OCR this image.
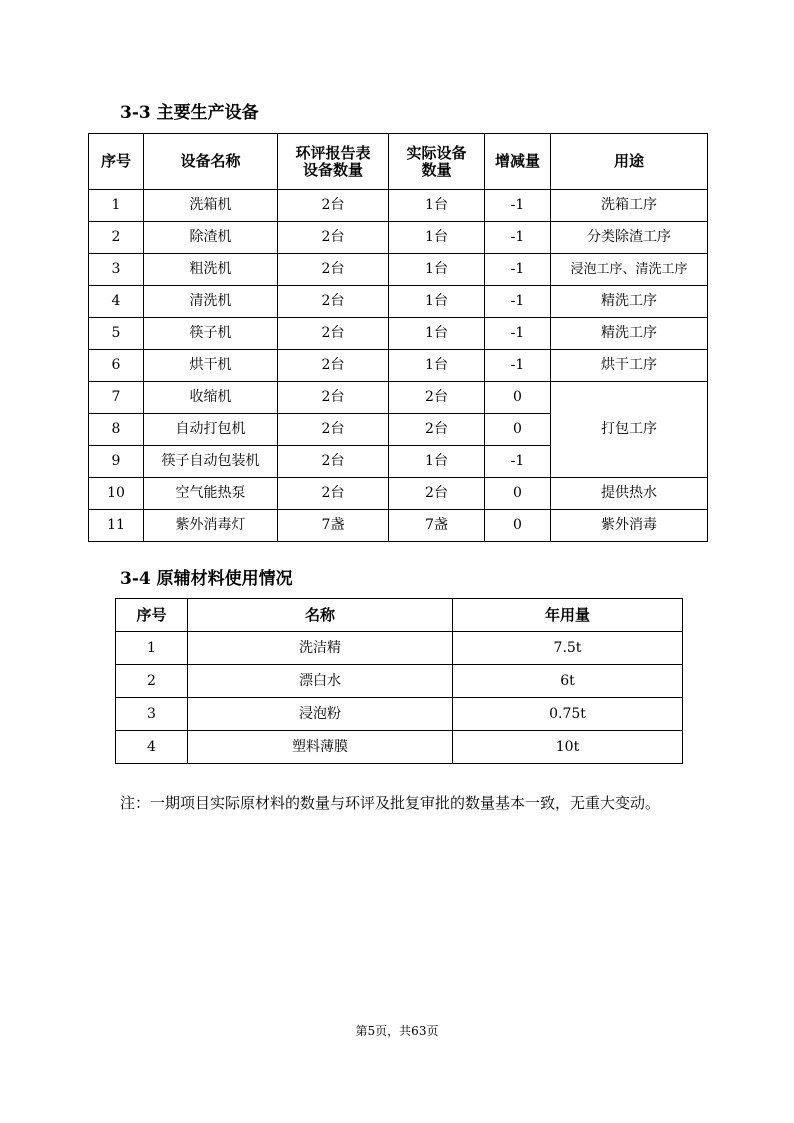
3-3 主要生产设备
序号	设备名称	环评报告表设备数量	实际设备数量	增减量	用途
1	洗箱机	2台	1台	-1	洗箱工序
2	除渣机	2台	1台	-1	分类除渣工序
3	粗洗机	2台	1台	-1	浸泡工序、清洗工序
4	清洗机	2台	1台	-1	精洗工序
5	筷子机	2台	1台	-1	精洗工序
6	烘干机	2台	1台	-1	烘干工序
7	收缩机	2台	2台	0	打包工序
8	自动打包机	2台	2台	0	
9	筷子自动包装机	2台	1台	-1	
10	空气能热泵	2台	2台	0	提供热水
11	紫外消毒灯	7盏	7盏	0	紫外消毒
3-4 原辅材料使用情况
序号	名称	年用量
1	洗洁精	7.5t
2	漂白水	6t
3	浸泡粉	0.75t
4	塑料薄膜	10t
注：一期项目实际原材料的数量与环评及批复审批的数量基本一致，无重大变动。
第5页，共63页
